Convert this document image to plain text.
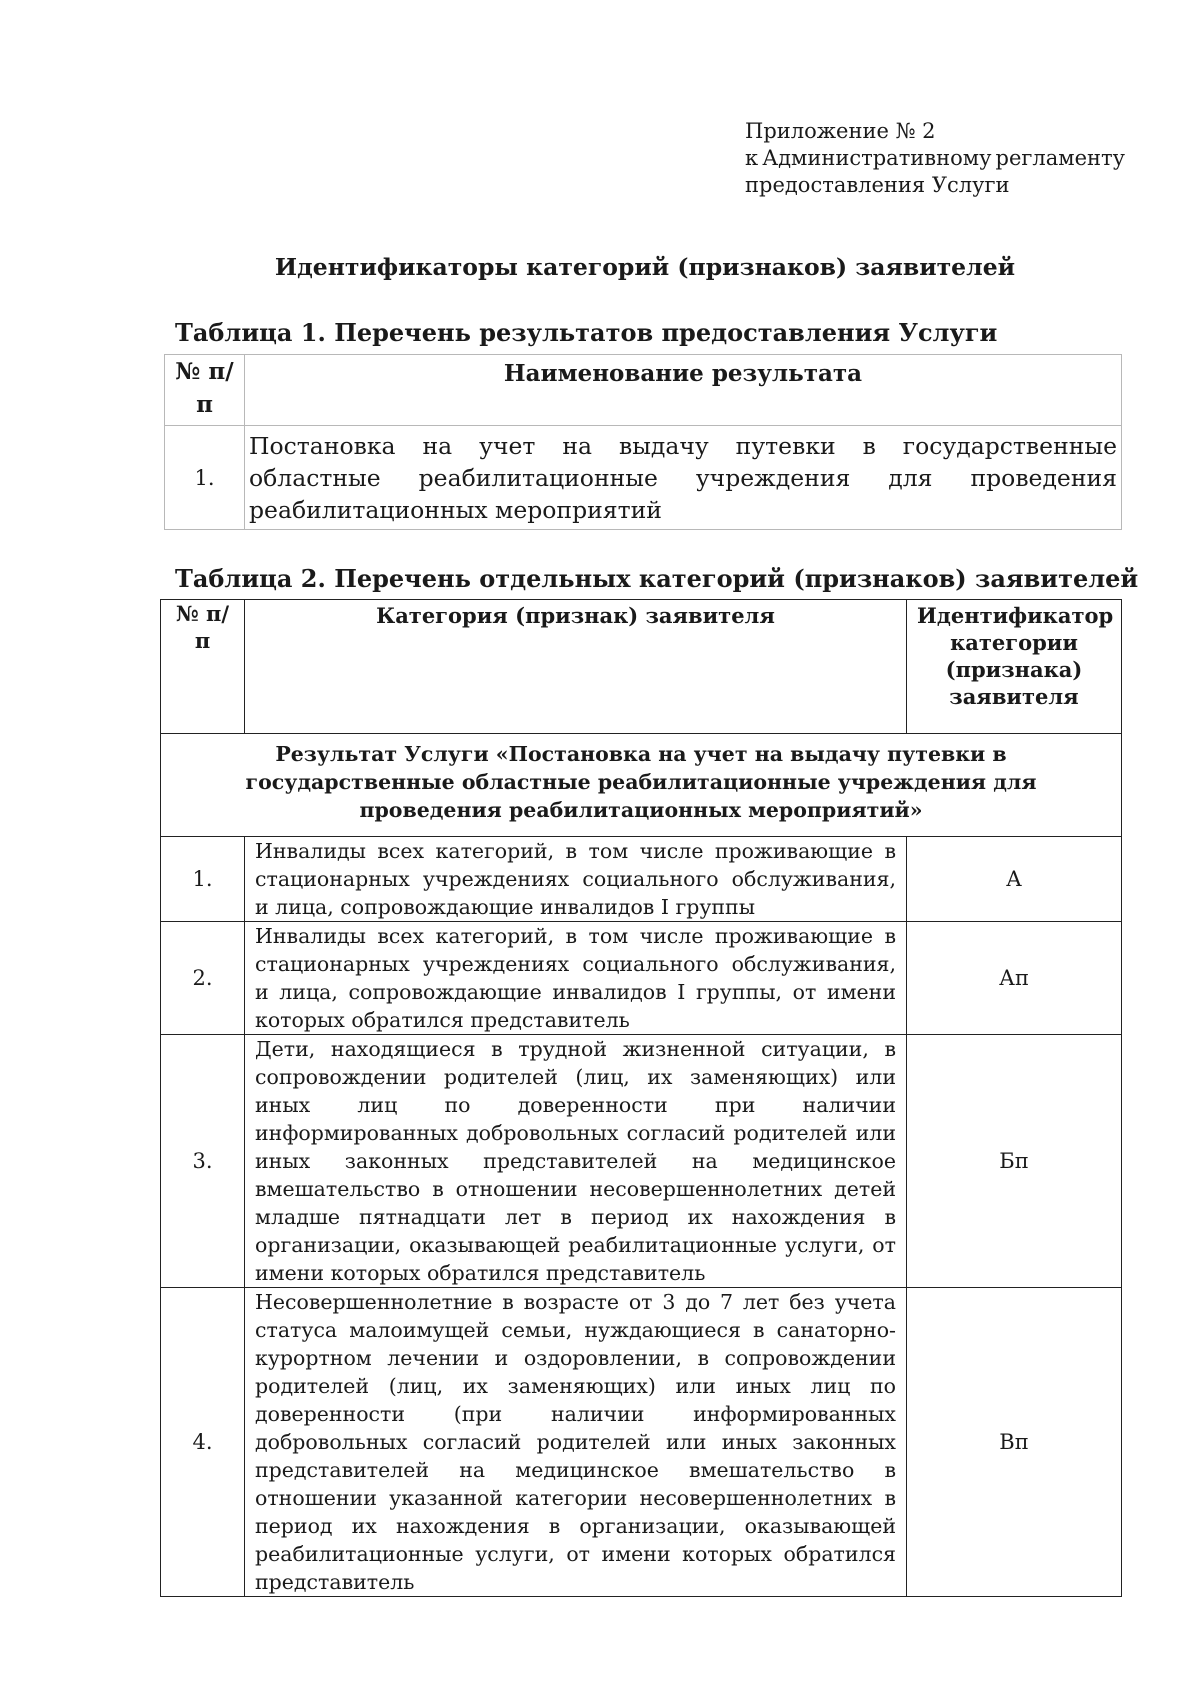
Приложение № 2
к Административному регламенту
предоставления Услуги
Идентификаторы категорий (признаков) заявителей
Таблица 1. Перечень результатов предоставления Услуги
№ п/п	Наименование результата
1.	Постановка на учет на выдачу путевки в государственные областные реабилитационные учреждения для проведения реабилитационных мероприятий
Таблица 2. Перечень отдельных категорий (признаков) заявителей
№ п/п	Категория (признак) заявителя	Идентификатор категории (признака) заявителя
Результат Услуги «Постановка на учет на выдачу путевки в государственные областные реабилитационные учреждения для проведения реабилитационных мероприятий»		
1.	Инвалиды всех категорий, в том числе проживающие в стационарных учреждениях социального обслуживания, и лица, сопровождающие инвалидов I группы	А
2.	Инвалиды всех категорий, в том числе проживающие в стационарных учреждениях социального обслуживания, и лица, сопровождающие инвалидов I группы, от имени которых обратился представитель	Ап
3.	Дети, находящиеся в трудной жизненной ситуации, в сопровождении родителей (лиц, их заменяющих) или иных лиц по доверенности при наличии информированных добровольных согласий родителей или иных законных представителей на медицинское вмешательство в отношении несовершеннолетних детей младше пятнадцати лет в период их нахождения в организации, оказывающей реабилитационные услуги, от имени которых обратился представитель	Бп
4.	Несовершеннолетние в возрасте от 3 до 7 лет без учета статуса малоимущей семьи, нуждающиеся в санаторно-курортном лечении и оздоровлении, в сопровождении родителей (лиц, их заменяющих) или иных лиц по доверенности (при наличии информированных добровольных согласий родителей или иных законных представителей на медицинское вмешательство в отношении указанной категории несовершеннолетних в период их нахождения в организации, оказывающей реабилитационные услуги, от имени которых обратился представитель	Вп
